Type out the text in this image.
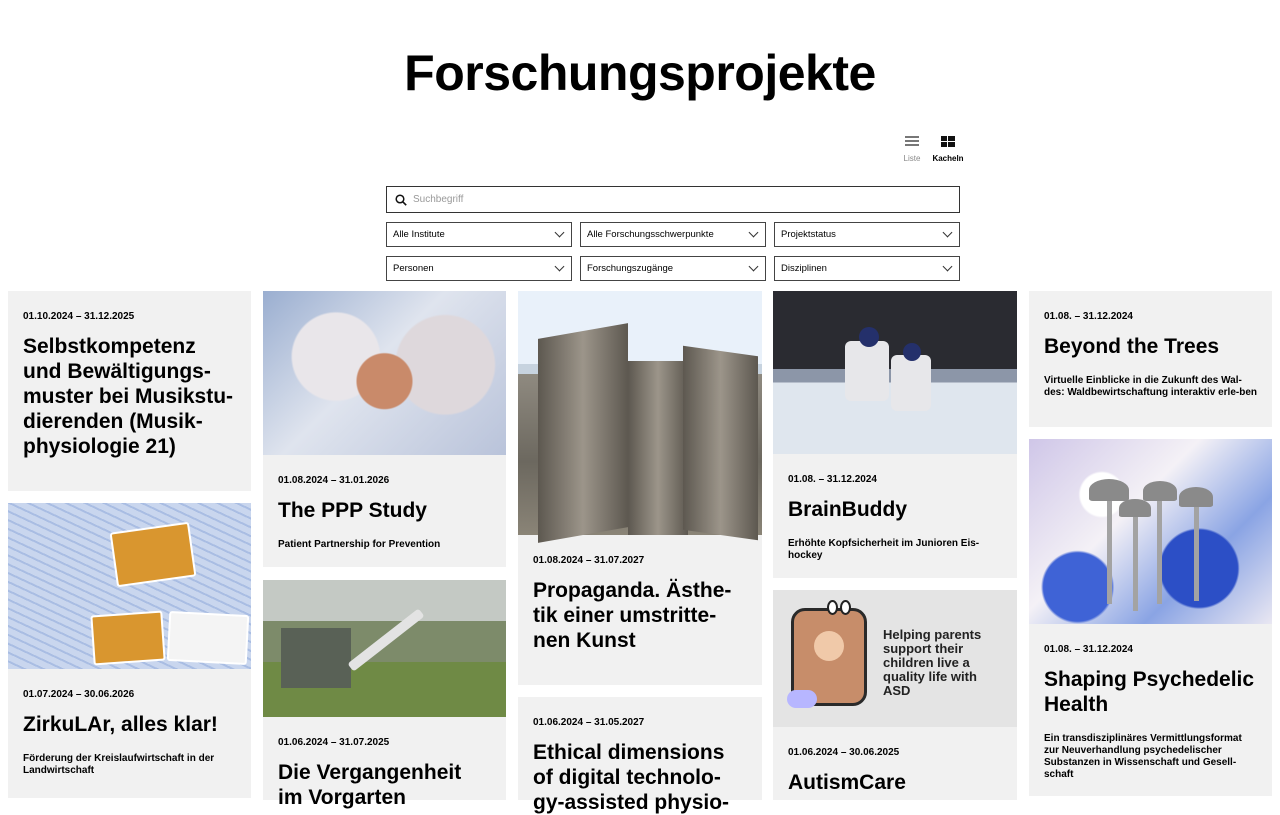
Forschungsprojekte
Liste Kacheln
Suchbegriff
Alle Institute	Alle Forschungsschwerpunkte	Projektstatus
Personen	Forschungszugänge	Disziplinen
01.10.2024 – 31.12.2025
Selbstkompetenz und Bewältigungs-muster bei Musikstu-dierenden (Musik-physiologie 21)
01.07.2024 – 30.06.2026
ZirkuLAr, alles klar!
Förderung der Kreislaufwirtschaft in der Landwirtschaft
01.08.2024 – 31.01.2026
The PPP Study
Patient Partnership for Prevention
01.06.2024 – 31.07.2025
Die Vergangenheit im Vorgarten
01.08.2024 – 31.07.2027
Propaganda. Ästhe-tik einer umstritte-nen Kunst
01.06.2024 – 31.05.2027
Ethical dimensions of digital technolo-gy-assisted physio-
01.08. – 31.12.2024
BrainBuddy
Erhöhte Kopfsicherheit im Junioren Eis-hockey
Helping parents support their children live a quality life with ASD
01.06.2024 – 30.06.2025
AutismCare
01.08. – 31.12.2024
Beyond the Trees
Virtuelle Einblicke in die Zukunft des Wal-des: Waldbewirtschaftung interaktiv erle-ben
01.08. – 31.12.2024
Shaping Psychedelic Health
Ein transdisziplinäres Vermittlungsformat zur Neuverhandlung psychedelischer Substanzen in Wissenschaft und Gesell-schaft
